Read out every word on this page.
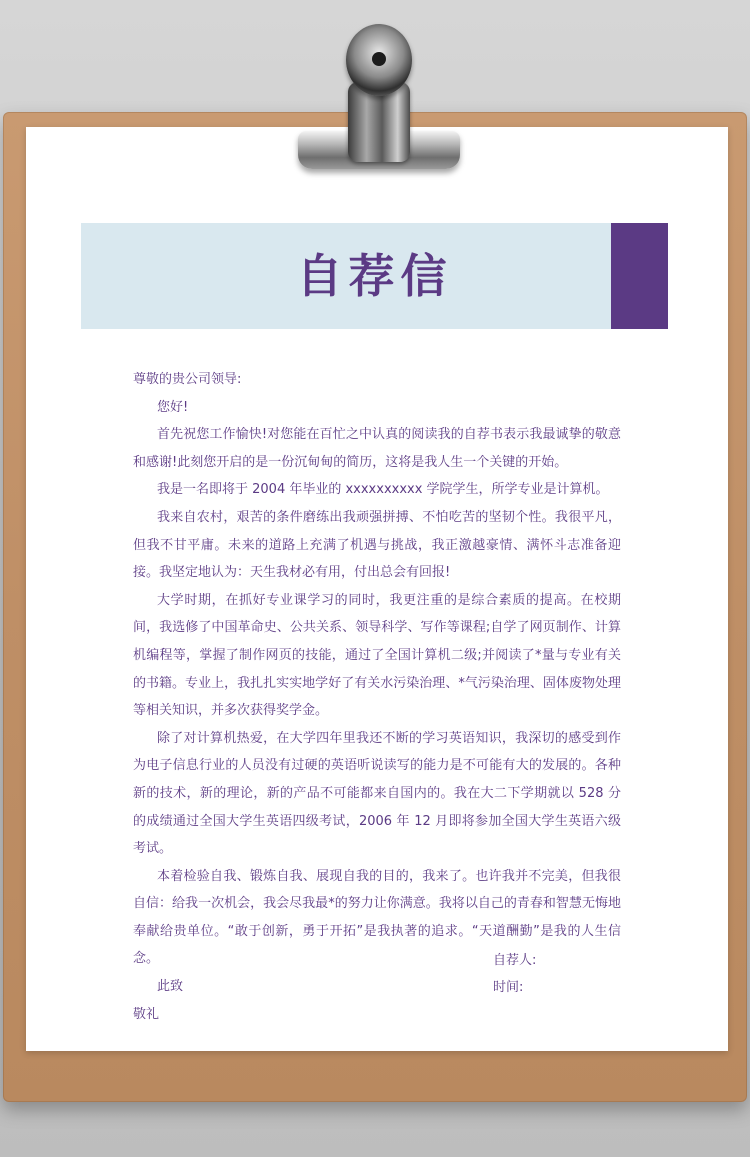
自荐信

尊敬的贵公司领导:

您好!

首先祝您工作愉快!对您能在百忙之中认真的阅读我的自荐书表示我最诚挚的敬意和感谢!此刻您开启的是一份沉甸甸的简历，这将是我人生一个关键的开始。

我是一名即将于 2004 年毕业的 xxxxxxxxxx 学院学生，所学专业是计算机。

我来自农村，艰苦的条件磨练出我顽强拼搏、不怕吃苦的坚韧个性。我很平凡，但我不甘平庸。未来的道路上充满了机遇与挑战，我正激越豪情、满怀斗志准备迎接。我坚定地认为：天生我材必有用，付出总会有回报!

大学时期，在抓好专业课学习的同时，我更注重的是综合素质的提高。在校期间，我选修了中国革命史、公共关系、领导科学、写作等课程;自学了网页制作、计算机编程等，掌握了制作网页的技能，通过了全国计算机二级;并阅读了*量与专业有关的书籍。专业上，我扎扎实实地学好了有关水污染治理、*气污染治理、固体废物处理等相关知识，并多次获得奖学金。

除了对计算机热爱，在大学四年里我还不断的学习英语知识，我深切的感受到作为电子信息行业的人员没有过硬的英语听说读写的能力是不可能有大的发展的。各种新的技术，新的理论，新的产品不可能都来自国内的。我在大二下学期就以 528 分的成绩通过全国大学生英语四级考试，2006 年 12 月即将参加全国大学生英语六级考试。

本着检验自我、锻炼自我、展现自我的目的，我来了。也许我并不完美，但我很自信：给我一次机会，我会尽我最*的努力让你满意。我将以自己的青春和智慧无悔地奉献给贵单位。“敢于创新，勇于开拓”是我执著的追求。“天道酬勤”是我的人生信念。

此致

敬礼

自荐人:
时间:
